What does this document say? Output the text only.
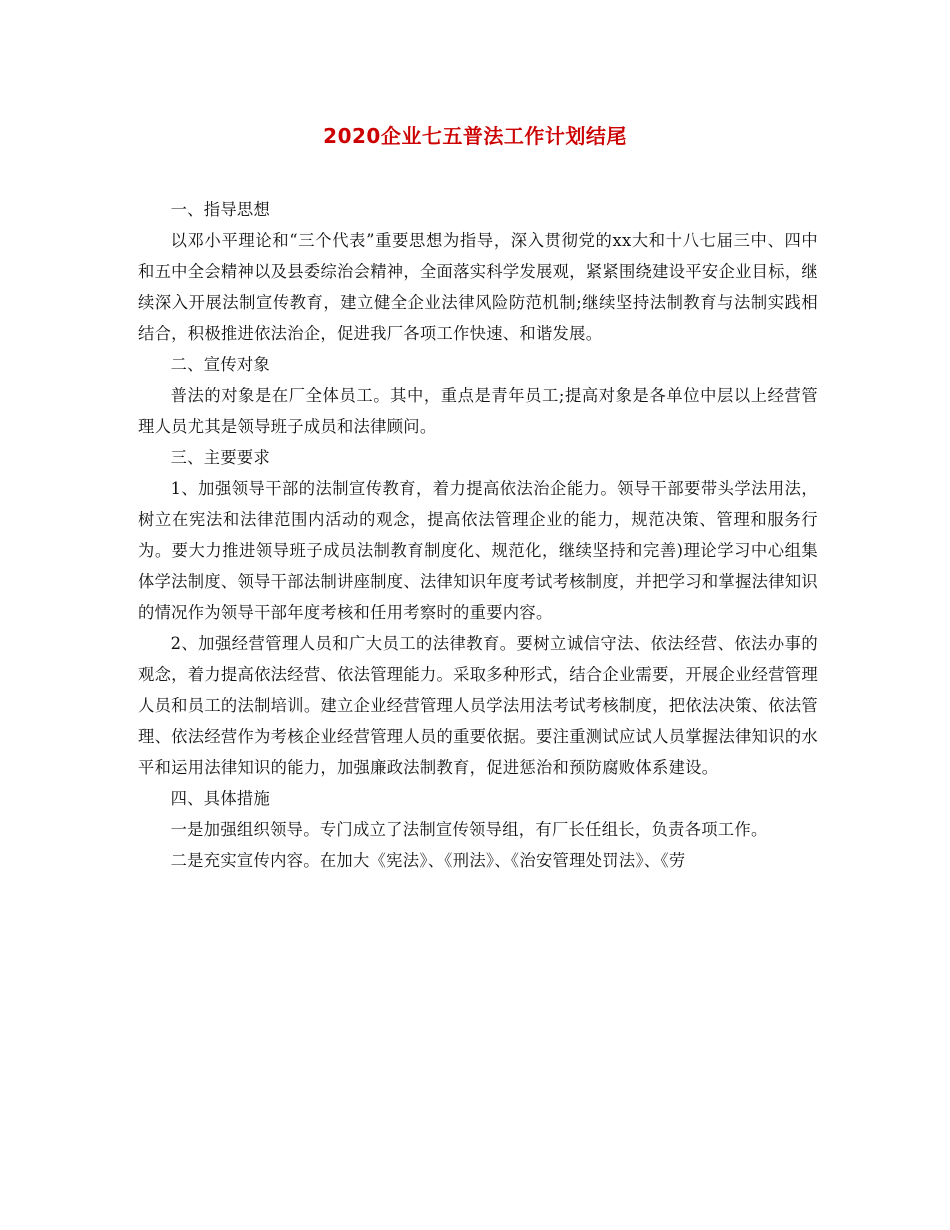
2020企业七五普法工作计划结尾

一、指导思想

以邓小平理论和“三个代表”重要思想为指导，深入贯彻党的xx大和十八七届三中、四中和五中全会精神以及县委综治会精神，全面落实科学发展观，紧紧围绕建设平安企业目标，继续深入开展法制宣传教育，建立健全企业法律风险防范机制;继续坚持法制教育与法制实践相结合，积极推进依法治企，促进我厂各项工作快速、和谐发展。

二、宣传对象

普法的对象是在厂全体员工。其中，重点是青年员工;提高对象是各单位中层以上经营管理人员尤其是领导班子成员和法律顾问。

三、主要要求

1、加强领导干部的法制宣传教育，着力提高依法治企能力。领导干部要带头学法用法，树立在宪法和法律范围内活动的观念，提高依法管理企业的能力，规范决策、管理和服务行为。要大力推进领导班子成员法制教育制度化、规范化，继续坚持和完善)理论学习中心组集体学法制度、领导干部法制讲座制度、法律知识年度考试考核制度，并把学习和掌握法律知识的情况作为领导干部年度考核和任用考察时的重要内容。

2、加强经营管理人员和广大员工的法律教育。要树立诚信守法、依法经营、依法办事的观念，着力提高依法经营、依法管理能力。采取多种形式，结合企业需要，开展企业经营管理人员和员工的法制培训。建立企业经营管理人员学法用法考试考核制度，把依法决策、依法管理、依法经营作为考核企业经营管理人员的重要依据。要注重测试应试人员掌握法律知识的水平和运用法律知识的能力，加强廉政法制教育，促进惩治和预防腐败体系建设。

四、具体措施

一是加强组织领导。专门成立了法制宣传领导组，有厂长任组长，负责各项工作。

二是充实宣传内容。在加大《宪法》、《刑法》、《治安管理处罚法》、《劳
